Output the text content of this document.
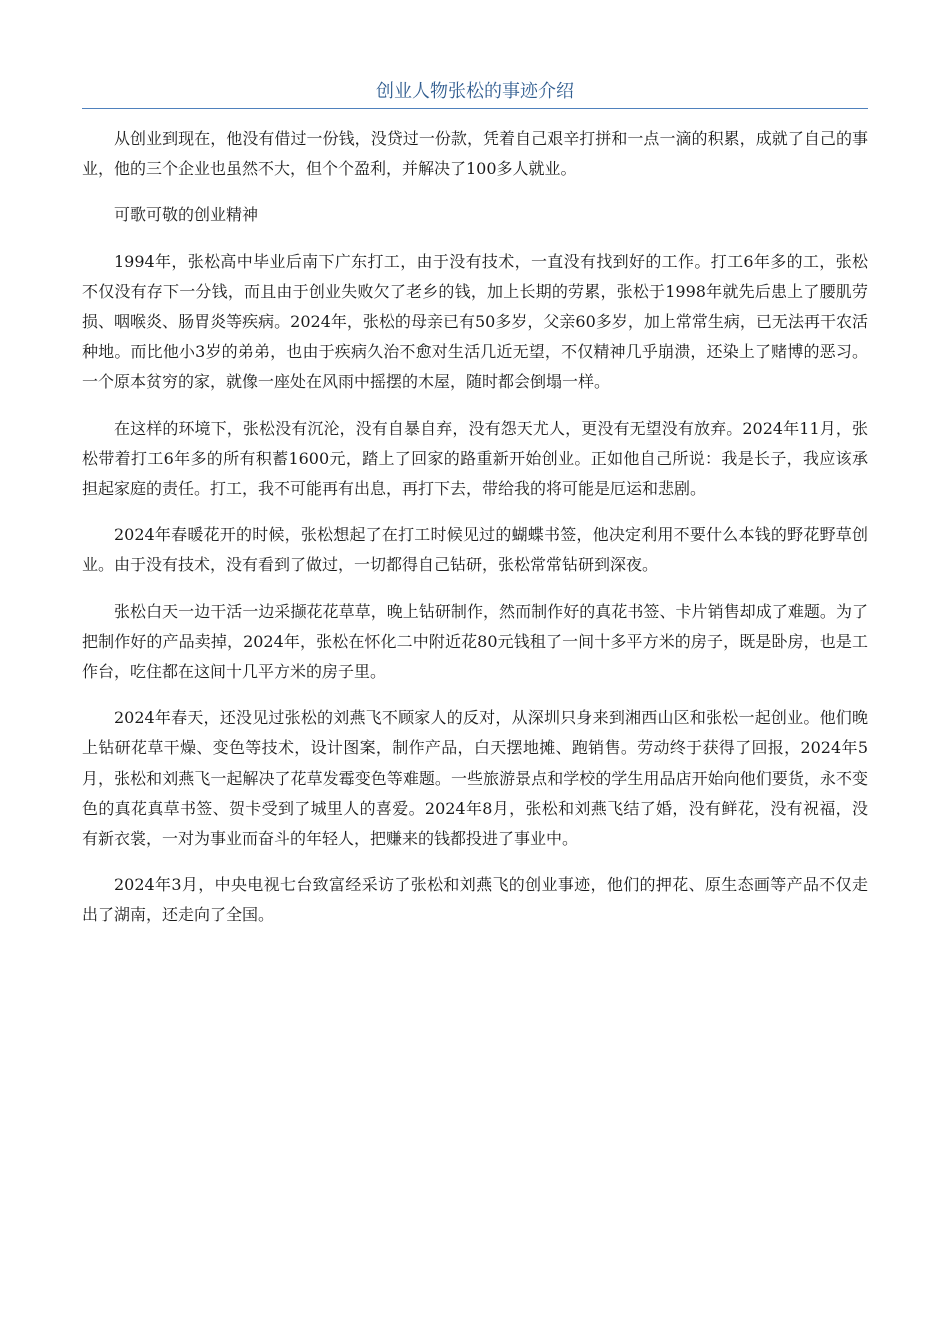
创业人物张松的事迹介绍

从创业到现在，他没有借过一份钱，没贷过一份款，凭着自己艰辛打拼和一点一滴的积累，成就了自己的事业，他的三个企业也虽然不大，但个个盈利，并解决了100多人就业。

可歌可敬的创业精神

1994年，张松高中毕业后南下广东打工，由于没有技术，一直没有找到好的工作。打工6年多的工，张松不仅没有存下一分钱，而且由于创业失败欠了老乡的钱，加上长期的劳累，张松于1998年就先后患上了腰肌劳损、咽喉炎、肠胃炎等疾病。2024年，张松的母亲已有50多岁，父亲60多岁，加上常常生病，已无法再干农活种地。而比他小3岁的弟弟，也由于疾病久治不愈对生活几近无望，不仅精神几乎崩溃，还染上了赌博的恶习。一个原本贫穷的家，就像一座处在风雨中摇摆的木屋，随时都会倒塌一样。

在这样的环境下，张松没有沉沦，没有自暴自弃，没有怨天尤人，更没有无望没有放弃。2024年11月，张松带着打工6年多的所有积蓄1600元，踏上了回家的路重新开始创业。正如他自己所说：我是长子，我应该承担起家庭的责任。打工，我不可能再有出息，再打下去，带给我的将可能是厄运和悲剧。

2024年春暖花开的时候，张松想起了在打工时候见过的蝴蝶书签，他决定利用不要什么本钱的野花野草创业。由于没有技术，没有看到了做过，一切都得自己钻研，张松常常钻研到深夜。

张松白天一边干活一边采撷花花草草，晚上钻研制作，然而制作好的真花书签、卡片销售却成了难题。为了把制作好的产品卖掉，2024年，张松在怀化二中附近花80元钱租了一间十多平方米的房子，既是卧房，也是工作台，吃住都在这间十几平方米的房子里。

2024年春天，还没见过张松的刘燕飞不顾家人的反对，从深圳只身来到湘西山区和张松一起创业。他们晚上钻研花草干燥、变色等技术，设计图案，制作产品，白天摆地摊、跑销售。劳动终于获得了回报，2024年5月，张松和刘燕飞一起解决了花草发霉变色等难题。一些旅游景点和学校的学生用品店开始向他们要货，永不变色的真花真草书签、贺卡受到了城里人的喜爱。2024年8月，张松和刘燕飞结了婚，没有鲜花，没有祝福，没有新衣裳，一对为事业而奋斗的年轻人，把赚来的钱都投进了事业中。

2024年3月，中央电视七台致富经采访了张松和刘燕飞的创业事迹，他们的押花、原生态画等产品不仅走出了湖南，还走向了全国。
